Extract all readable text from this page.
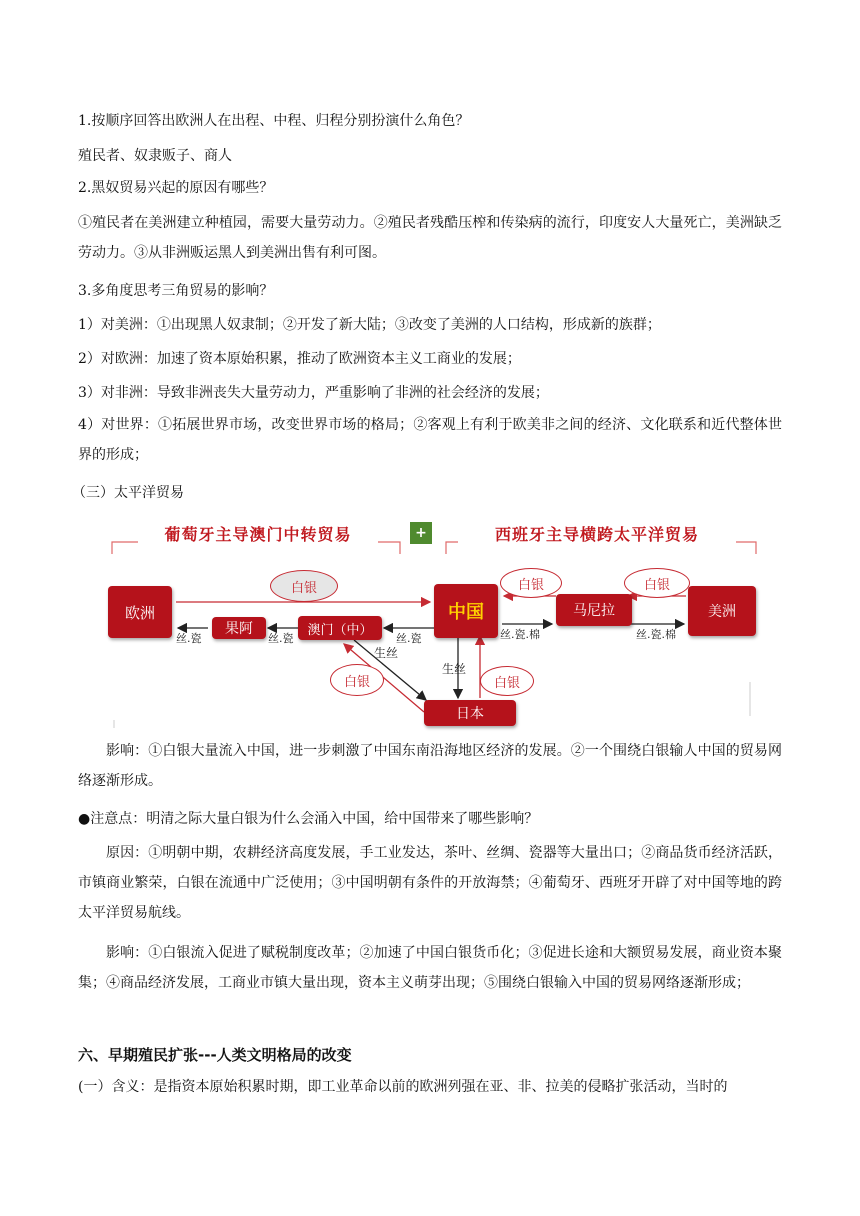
1.按顺序回答出欧洲人在出程、中程、归程分别扮演什么角色？

殖民者、奴隶贩子、商人

2.黑奴贸易兴起的原因有哪些？

①殖民者在美洲建立种植园，需要大量劳动力。②殖民者残酷压榨和传染病的流行，印度安人大量死亡，美洲缺乏劳动力。③从非洲贩运黑人到美洲出售有利可图。

3.多角度思考三角贸易的影响？

1）对美洲：①出现黑人奴隶制；②开发了新大陆；③改变了美洲的人口结构，形成新的族群；

2）对欧洲：加速了资本原始积累，推动了欧洲资本主义工商业的发展；

3）对非洲：导致非洲丧失大量劳动力，严重影响了非洲的社会经济的发展；

4）对世界：①拓展世界市场，改变世界市场的格局；②客观上有利于欧美非之间的经济、文化联系和近代整体世界的形成；

（三）太平洋贸易

葡萄牙主导澳门中转贸易	+	西班牙主导横跨太平洋贸易
白银	白银	白银
白银	白银
欧洲
果阿	澳门（中）
中国	马尼拉	美洲
日本
丝.瓷	丝.瓷	丝.瓷	丝.瓷.棉	丝.瓷.棉
生丝
生丝

影响：①白银大量流入中国，进一步刺激了中国东南沿海地区经济的发展。②一个围绕白银输人中国的贸易网络逐渐形成。

●注意点：明清之际大量白银为什么会涌入中国，给中国带来了哪些影响？

原因：①明朝中期，农耕经济高度发展，手工业发达，茶叶、丝绸、瓷器等大量出口；②商品货币经济活跃，市镇商业繁荣，白银在流通中广泛使用；③中国明朝有条件的开放海禁；④葡萄牙、西班牙开辟了对中国等地的跨太平洋贸易航线。

影响：①白银流入促进了赋税制度改革；②加速了中国白银货币化；③促进长途和大额贸易发展，商业资本聚集；④商品经济发展，工商业市镇大量出现，资本主义萌芽出现；⑤围绕白银输入中国的贸易网络逐渐形成；

六、早期殖民扩张---人类文明格局的改变

(一）含义：是指资本原始积累时期，即工业革命以前的欧洲列强在亚、非、拉美的侵略扩张活动，当时的
